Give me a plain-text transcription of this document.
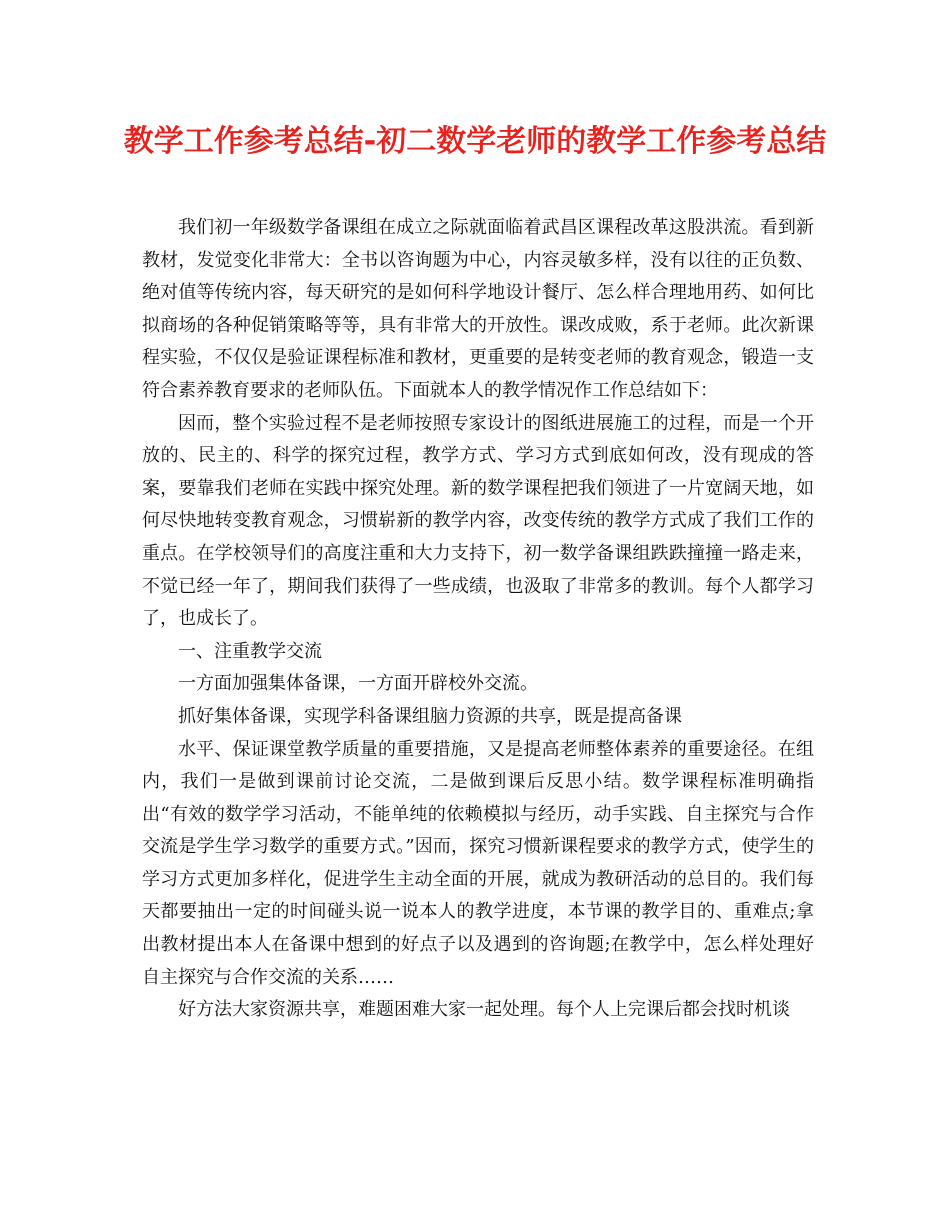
教学工作参考总结-初二数学老师的教学工作参考总结

我们初一年级数学备课组在成立之际就面临着武昌区课程改革这股洪流。看到新教材，发觉变化非常大：全书以咨询题为中心，内容灵敏多样，没有以往的正负数、绝对值等传统内容，每天研究的是如何科学地设计餐厅、怎么样合理地用药、如何比拟商场的各种促销策略等等，具有非常大的开放性。课改成败，系于老师。此次新课程实验，不仅仅是验证课程标准和教材，更重要的是转变老师的教育观念，锻造一支符合素养教育要求的老师队伍。下面就本人的教学情况作工作总结如下：

因而，整个实验过程不是老师按照专家设计的图纸进展施工的过程，而是一个开放的、民主的、科学的探究过程，教学方式、学习方式到底如何改，没有现成的答案，要靠我们老师在实践中探究处理。新的数学课程把我们领进了一片宽阔天地，如何尽快地转变教育观念，习惯崭新的教学内容，改变传统的教学方式成了我们工作的重点。在学校领导们的高度注重和大力支持下，初一数学备课组跌跌撞撞一路走来，不觉已经一年了，期间我们获得了一些成绩，也汲取了非常多的教训。每个人都学习了，也成长了。

一、注重教学交流

一方面加强集体备课，一方面开辟校外交流。

抓好集体备课，实现学科备课组脑力资源的共享，既是提高备课

水平、保证课堂教学质量的重要措施，又是提高老师整体素养的重要途径。在组内，我们一是做到课前讨论交流，二是做到课后反思小结。数学课程标准明确指出“有效的数学学习活动，不能单纯的依赖模拟与经历，动手实践、自主探究与合作交流是学生学习数学的重要方式。”因而，探究习惯新课程要求的教学方式，使学生的学习方式更加多样化，促进学生主动全面的开展，就成为教研活动的总目的。我们每天都要抽出一定的时间碰头说一说本人的教学进度，本节课的教学目的、重难点;拿出教材提出本人在备课中想到的好点子以及遇到的咨询题;在教学中，怎么样处理好自主探究与合作交流的关系……

好方法大家资源共享，难题困难大家一起处理。每个人上完课后都会找时机谈
